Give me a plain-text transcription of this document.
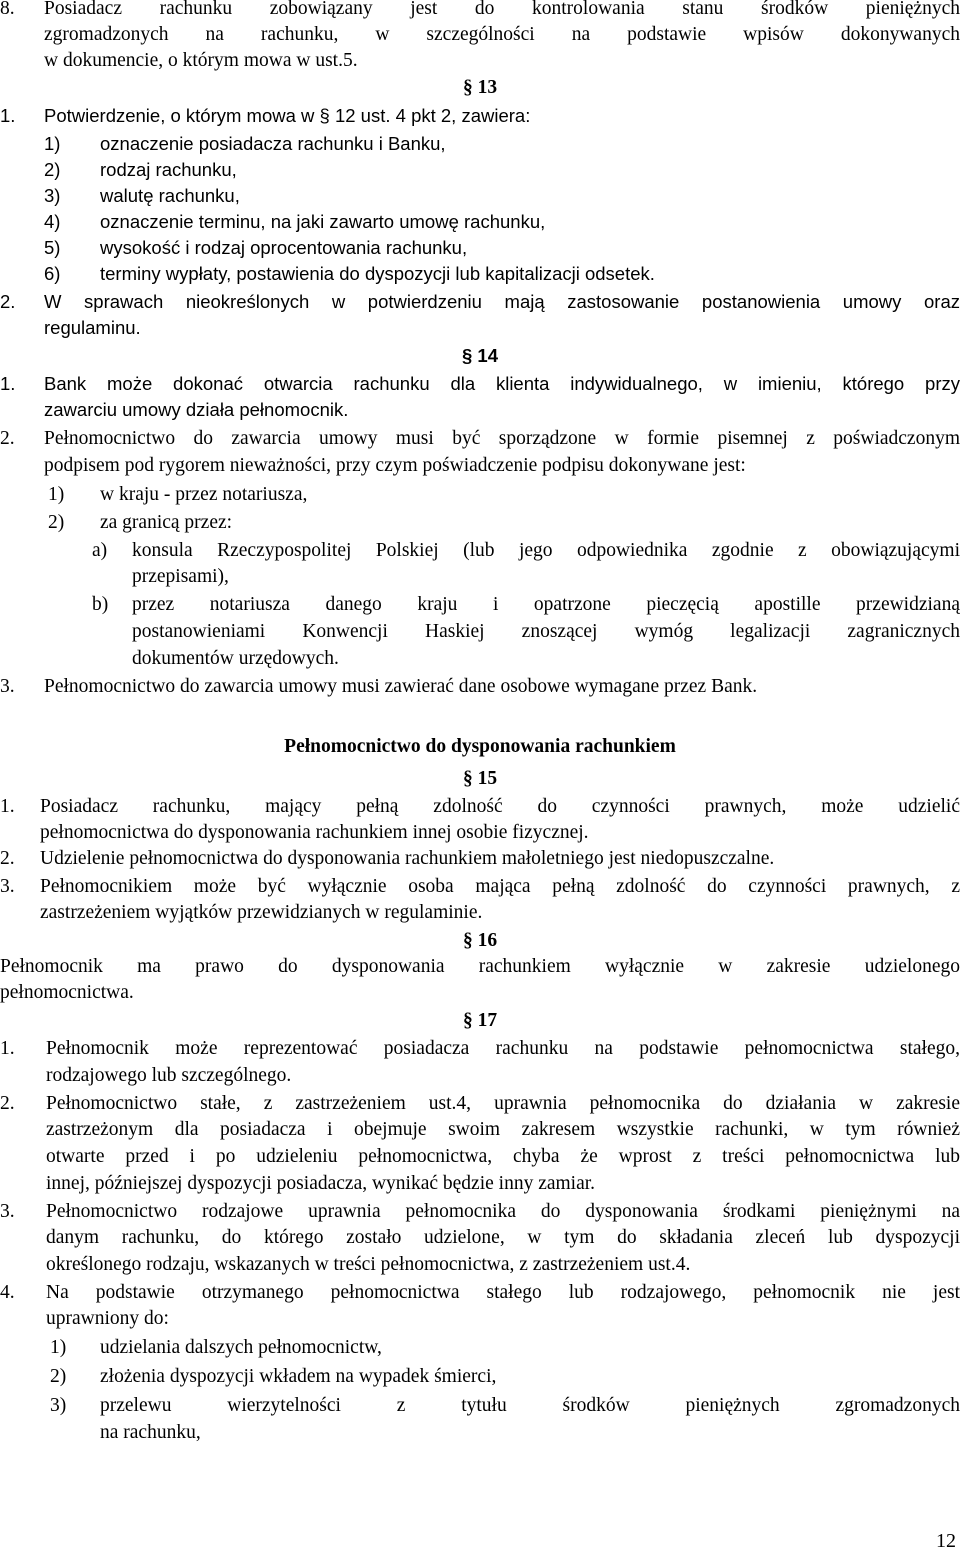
8. Posiadacz rachunku zobowiązany jest do kontrolowania stanu środków pieniężnych
zgromadzonych na rachunku, w szczególności na podstawie wpisów dokonywanych
w dokumencie, o którym mowa w ust.5.
§ 13
1. Potwierdzenie, o którym mowa w § 12 ust. 4 pkt 2, zawiera:
1)	oznaczenie posiadacza rachunku i Banku,
2)	rodzaj rachunku,
3)	walutę rachunku,
4)	oznaczenie terminu, na jaki zawarto umowę rachunku,
5)	wysokość i rodzaj oprocentowania rachunku,
6)	terminy wypłaty, postawienia do dyspozycji lub kapitalizacji odsetek.
2. W sprawach nieokreślonych w potwierdzeniu mają zastosowanie postanowienia umowy oraz
regulaminu.
§ 14
1. Bank może dokonać otwarcia rachunku dla klienta indywidualnego, w imieniu, którego przy
zawarciu umowy działa pełnomocnik.
2. Pełnomocnictwo do zawarcia umowy musi być sporządzone w formie pisemnej z poświadczonym
podpisem pod rygorem nieważności, przy czym poświadczenie podpisu dokonywane jest:
1)	w kraju - przez notariusza,
2)	za granicą przez:
a)	konsula Rzeczypospolitej Polskiej (lub jego odpowiednika zgodnie z obowiązującymi
przepisami),
b)	przez notariusza danego kraju i opatrzone pieczęcią apostille przewidzianą
postanowieniami Konwencji Haskiej znoszącej wymóg legalizacji zagranicznych
dokumentów urzędowych.
3. Pełnomocnictwo do zawarcia umowy musi zawierać dane osobowe wymagane przez Bank.
Pełnomocnictwo do dysponowania rachunkiem
§ 15
1. Posiadacz rachunku, mający pełną zdolność do czynności prawnych, może udzielić
pełnomocnictwa do dysponowania rachunkiem innej osobie fizycznej.
2. Udzielenie pełnomocnictwa do dysponowania rachunkiem małoletniego jest niedopuszczalne.
3. Pełnomocnikiem może być wyłącznie osoba mająca pełną zdolność do czynności prawnych, z
zastrzeżeniem wyjątków przewidzianych w regulaminie.
§ 16
Pełnomocnik ma prawo do dysponowania rachunkiem wyłącznie w zakresie udzielonego
pełnomocnictwa.
§ 17
1. Pełnomocnik może reprezentować posiadacza rachunku na podstawie pełnomocnictwa stałego,
rodzajowego lub szczególnego.
2. Pełnomocnictwo stałe, z zastrzeżeniem ust.4, uprawnia pełnomocnika do działania w zakresie
zastrzeżonym dla posiadacza i obejmuje swoim zakresem wszystkie rachunki, w tym również
otwarte przed i po udzieleniu pełnomocnictwa, chyba że wprost z treści pełnomocnictwa lub
innej, późniejszej dyspozycji posiadacza, wynikać będzie inny zamiar.
3. Pełnomocnictwo rodzajowe uprawnia pełnomocnika do dysponowania środkami pieniężnymi na
danym rachunku, do którego zostało udzielone, w tym do składania zleceń lub dyspozycji
określonego rodzaju, wskazanych w treści pełnomocnictwa, z zastrzeżeniem ust.4.
4. Na podstawie otrzymanego pełnomocnictwa stałego lub rodzajowego, pełnomocnik nie jest
uprawniony do:
1)	udzielania dalszych pełnomocnictw,
2)	złożenia dyspozycji wkładem na wypadek śmierci,
3)	przelewu wierzytelności z tytułu środków pieniężnych zgromadzonych
na rachunku,
12
